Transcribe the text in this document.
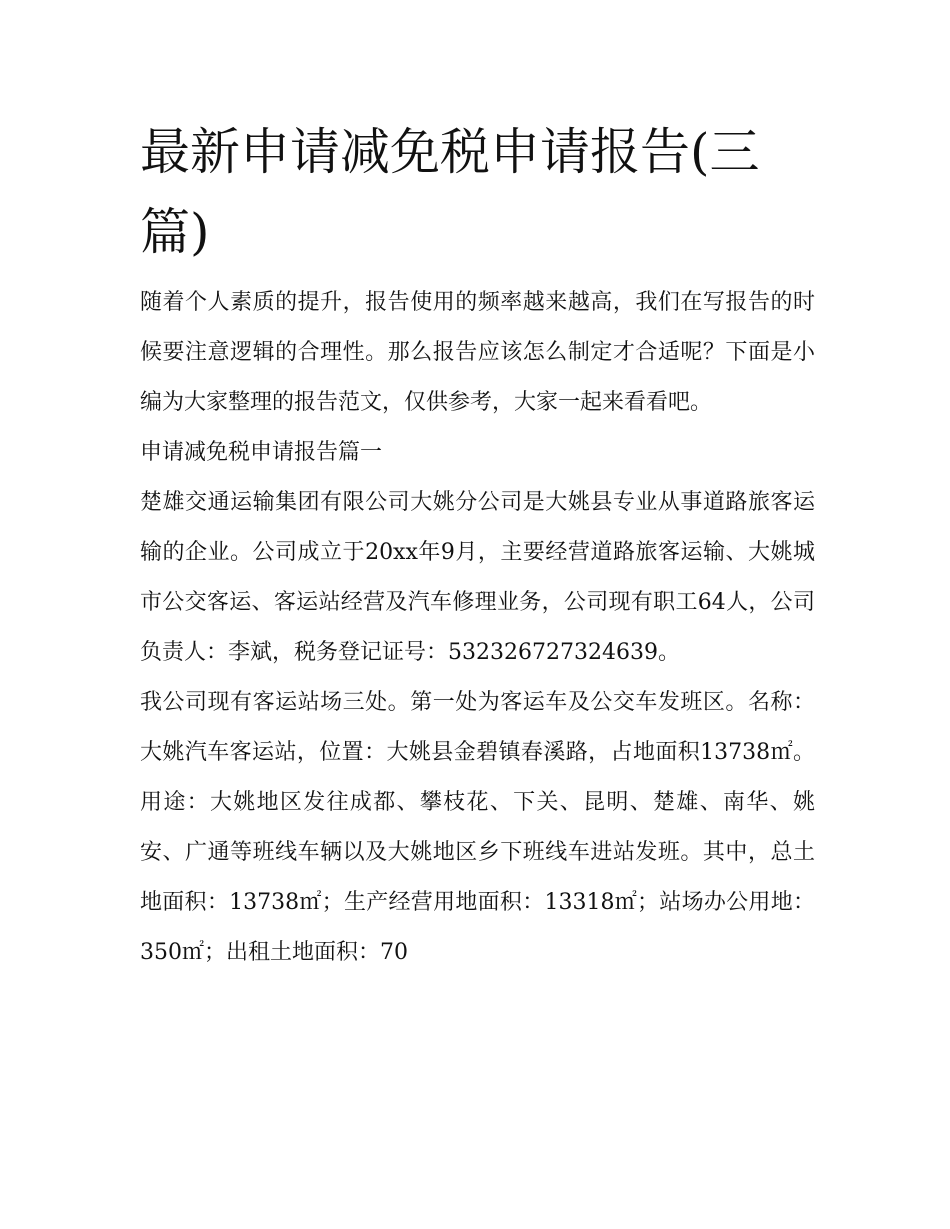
最新申请减免税申请报告(三篇)

随着个人素质的提升，报告使用的频率越来越高，我们在写报告的时候要注意逻辑的合理性。那么报告应该怎么制定才合适呢？下面是小编为大家整理的报告范文，仅供参考，大家一起来看看吧。

申请减免税申请报告篇一

楚雄交通运输集团有限公司大姚分公司是大姚县专业从事道路旅客运输的企业。公司成立于20xx年9月，主要经营道路旅客运输、大姚城市公交客运、客运站经营及汽车修理业务，公司现有职工64人，公司负责人：李斌，税务登记证号：532326727324639。

我公司现有客运站场三处。第一处为客运车及公交车发班区。名称：大姚汽车客运站，位置：大姚县金碧镇春溪路，占地面积13738㎡。用途：大姚地区发往成都、攀枝花、下关、昆明、楚雄、南华、姚安、广通等班线车辆以及大姚地区乡下班线车进站发班。其中，总土地面积：13738㎡；生产经营用地面积：13318㎡；站场办公用地：350㎡；出租土地面积：70
